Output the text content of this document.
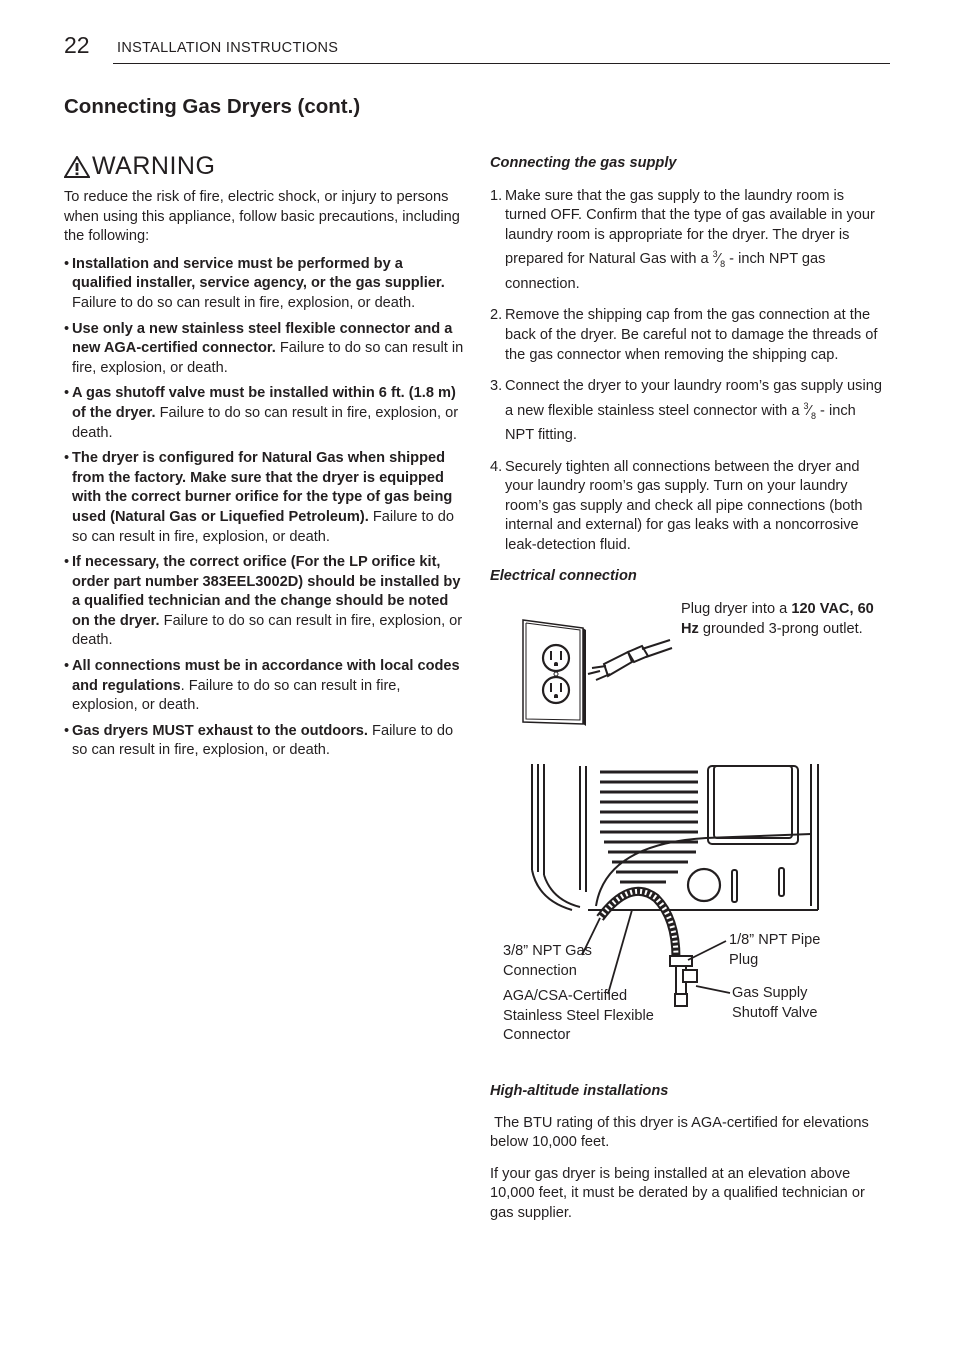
22 INSTALLATION INSTRUCTIONS
Connecting Gas Dryers (cont.)
WARNING

To reduce the risk of fire, electric shock, or injury to persons when using this appliance, follow basic precautions, including the following:

• Installation and service must be performed by a qualified installer, service agency, or the gas supplier. Failure to do so can result in fire, explosion, or death.
• Use only a new stainless steel flexible connector and a new AGA-certified connector. Failure to do so can result in fire, explosion, or death.
• A gas shutoff valve must be installed within 6 ft. (1.8 m) of the dryer. Failure to do so can result in fire, explosion, or death.
• The dryer is configured for Natural Gas when shipped from the factory. Make sure that the dryer is equipped with the correct burner orifice for the type of gas being used (Natural Gas or Liquefied Petroleum). Failure to do so can result in fire, explosion, or death.
• If necessary, the correct orifice (For the LP orifice kit, order part number 383EEL3002D) should be installed by a qualified technician and the change should be noted on the dryer. Failure to do so can result in fire, explosion, or death.
• All connections must be in accordance with local codes and regulations. Failure to do so can result in fire, explosion, or death.
• Gas dryers MUST exhaust to the outdoors. Failure to do so can result in fire, explosion, or death.
Connecting the gas supply
1. Make sure that the gas supply to the laundry room is turned OFF. Confirm that the type of gas available in your laundry room is appropriate for the dryer. The dryer is prepared for Natural Gas with a $^3⁄_8$ - inch NPT gas connection.
2. Remove the shipping cap from the gas connection at the back of the dryer. Be careful not to damage the threads of the gas connector when removing the shipping cap.
3. Connect the dryer to your laundry room’s gas supply using a new flexible stainless steel connector with a $^3⁄_8$ - inch NPT fitting.
4. Securely tighten all connections between the dryer and your laundry room’s gas supply. Turn on your laundry room’s gas supply and check all pipe connections (both internal and external) for gas leaks with a noncorrosive leak-detection fluid.
Electrical connection
Plug dryer into a 120 VAC, 60 Hz grounded 3-prong outlet.
3/8” NPT Gas Connection
AGA/CSA-Certified Stainless Steel Flexible Connector
1/8” NPT Pipe Plug
Gas Supply Shutoff Valve
High-altitude installations
The BTU rating of this dryer is AGA-certified for elevations below 10,000 feet.
If your gas dryer is being installed at an elevation above 10,000 feet, it must be derated by a qualified technician or gas supplier.
